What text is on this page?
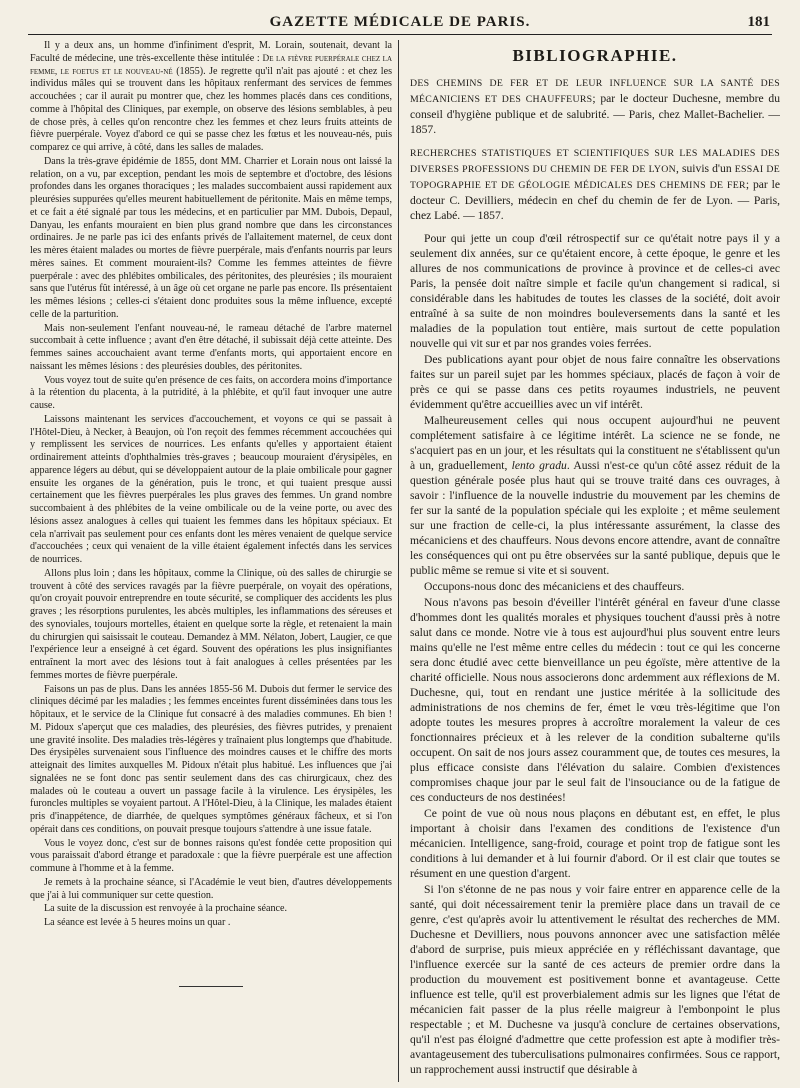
GAZETTE MÉDICALE DE PARIS.	181

Il y a deux ans, un homme d'infiniment d'esprit, M. Lorain, soutenait, devant la Faculté de médecine, une très-excellente thèse intitulée : De la fièvre puerpérale chez la femme, le foetus et le nouveau-né (1855). Je regrette qu'il n'ait pas ajouté : et chez les individus mâles qui se trouvent dans les hôpitaux renfermant des services de femmes accouchées ; car il aurait pu montrer que, chez les hommes placés dans ces conditions, comme à l'hôpital des Cliniques, par exemple, on observe des lésions semblables, à peu de chose près, à celles qu'on rencontre chez les femmes et chez leurs fruits atteints de fièvre puerpérale. Voyez d'abord ce qui se passe chez les fœtus et les nouveau-nés, puis comparez ce qui arrive, à côté, dans les salles de malades.

Dans la très-grave épidémie de 1855, dont MM. Charrier et Lorain nous ont laissé la relation, on a vu, par exception, pendant les mois de septembre et d'octobre, des lésions profondes dans les organes thoraciques ; les malades succombaient aussi rapidement aux pleurésies suppurées qu'elles meurent habituellement de péritonite. Mais en même temps, et ce fait a été signalé par tous les médecins, et en particulier par MM. Dubois, Depaul, Danyau, les enfants mouraient en bien plus grand nombre que dans les circonstances ordinaires. Je ne parle pas ici des enfants privés de l'allaitement maternel, de ceux dont les mères étaient malades ou mortes de fièvre puerpérale, mais d'enfants nourris par leurs mères saines. Et comment mouraient-ils? Comme les femmes atteintes de fièvre puerpérale : avec des phlébites ombilicales, des péritonites, des pleurésies ; ils mouraient sans que l'utérus fût intéressé, à un âge où cet organe ne parle pas encore. Ils présentaient les mêmes lésions ; celles-ci s'étaient donc produites sous la même influence, excepté celle de la parturition.

Mais non-seulement l'enfant nouveau-né, le rameau détaché de l'arbre maternel succombait à cette influence ; avant d'en être détaché, il subissait déjà cette atteinte. Des femmes saines accouchaient avant terme d'enfants morts, qui apportaient encore en naissant les mêmes lésions : des pleurésies doubles, des péritonites.

Vous voyez tout de suite qu'en présence de ces faits, on accordera moins d'importance à la rétention du placenta, à la putridité, à la phlébite, et qu'il faut invoquer une autre cause.

Laissons maintenant les services d'accouchement, et voyons ce qui se passait à l'Hôtel-Dieu, à Necker, à Beaujon, où l'on reçoit des femmes récemment accouchées qui y remplissent les services de nourrices. Les enfants qu'elles y apportaient étaient ordinairement atteints d'ophthalmies très-graves ; beaucoup mouraient d'érysipèles, en apparence légers au début, qui se développaient autour de la plaie ombilicale pour gagner ensuite les organes de la génération, puis le tronc, et qui tuaient presque aussi certainement que les fièvres puerpérales les plus graves des femmes. Un grand nombre succombaient à des phlébites de la veine ombilicale ou de la veine porte, ou avec des lésions assez analogues à celles qui tuaient les femmes dans les hôpitaux spéciaux. Et cela n'arrivait pas seulement pour ces enfants dont les mères venaient de quelque service d'accouchées ; ceux qui venaient de la ville étaient également infectés dans les services de nourrices.

Allons plus loin ; dans les hôpitaux, comme la Clinique, où des salles de chirurgie se trouvent à côté des services ravagés par la fièvre puerpérale, on voyait des opérations, qu'on croyait pouvoir entreprendre en toute sécurité, se compliquer des accidents les plus graves ; les résorptions purulentes, les abcès multiples, les inflammations des séreuses et des synoviales, toujours mortelles, étaient en quelque sorte la règle, et retenaient la main du chirurgien qui saisissait le couteau. Demandez à MM. Nélaton, Jobert, Laugier, ce que l'expérience leur a enseigné à cet égard. Souvent des opérations les plus insignifiantes entraînent la mort avec des lésions tout à fait analogues à celles présentées par les femmes mortes de fièvre puerpérale.

Faisons un pas de plus. Dans les années 1855-56 M. Dubois dut fermer le service des cliniques décimé par les maladies ; les femmes enceintes furent disséminées dans tous les hôpitaux, et le service de la Clinique fut consacré à des maladies communes. Eh bien ! M. Pidoux s'aperçut que ces maladies, des pleurésies, des fièvres putrides, y prenaient une gravité insolite. Des maladies très-légères y traînaient plus longtemps que d'habitude. Des érysipèles survenaient sous l'influence des moindres causes et le chiffre des morts atteignait des limites auxquelles M. Pidoux n'était plus habitué. Les influences que j'ai signalées ne se font donc pas sentir seulement dans des cas chirurgicaux, chez des malades où le couteau a ouvert un passage facile à la virulence. Les érysipèles, les furoncles multiples se voyaient partout. A l'Hôtel-Dieu, à la Clinique, les malades étaient pris d'inappétence, de diarrhée, de quelques symptômes généraux fâcheux, et si l'on opérait dans ces conditions, on pouvait presque toujours s'attendre à une issue fatale.

Vous le voyez donc, c'est sur de bonnes raisons qu'est fondée cette proposition qui vous paraissait d'abord étrange et paradoxale : que la fièvre puerpérale est une affection commune à l'homme et à la femme.

Je remets à la prochaine séance, si l'Académie le veut bien, d'autres développements que j'ai à lui communiquer sur cette question.

La suite de la discussion est renvoyée à la prochaine séance.

La séance est levée à 5 heures moins un quar .

BIBLIOGRAPHIE.

DES CHEMINS DE FER ET DE LEUR INFLUENCE SUR LA SANTÉ DES MÉCANICIENS ET DES CHAUFFEURS; par le docteur Duchesne, membre du conseil d'hygiène publique et de salubrité. — Paris, chez Mallet-Bachelier. — 1857.

RECHERCHES STATISTIQUES ET SCIENTIFIQUES SUR LES MALADIES DES DIVERSES PROFESSIONS DU CHEMIN DE FER DE LYON, suivis d'un ESSAI DE TOPOGRAPHIE ET DE GÉOLOGIE MÉDICALES DES CHEMINS DE FER; par le docteur C. Devilliers, médecin en chef du chemin de fer de Lyon. — Paris, chez Labé. — 1857.

Pour qui jette un coup d'œil rétrospectif sur ce qu'était notre pays il y a seulement dix années, sur ce qu'étaient encore, à cette époque, le genre et les allures de nos communications de province à province et de celles-ci avec Paris, la pensée doit naître simple et facile qu'un changement si radical, si considérable dans les habitudes de toutes les classes de la société, doit avoir entraîné à sa suite de non moindres bouleversements dans la santé et les maladies de la population tout entière, mais surtout de cette population nouvelle qui vit sur et par nos grandes voies ferrées.

Des publications ayant pour objet de nous faire connaître les observations faites sur un pareil sujet par les hommes spéciaux, placés de façon à voir de près ce qui se passe dans ces petits royaumes industriels, ne peuvent évidemment qu'être accueillies avec un vif intérêt.

Malheureusement celles qui nous occupent aujourd'hui ne peuvent complétement satisfaire à ce légitime intérêt. La science ne se fonde, ne s'acquiert pas en un jour, et les résultats qui la constituent ne s'établissent qu'un à un, graduellement, lento gradu. Aussi n'est-ce qu'un côté assez réduit de la question générale posée plus haut qui se trouve traité dans ces ouvrages, à savoir : l'influence de la nouvelle industrie du mouvement par les chemins de fer sur la santé de la population spéciale qui les exploite ; et même seulement sur une fraction de celle-ci, la plus intéressante assurément, la classe des mécaniciens et des chauffeurs. Nous devons encore attendre, avant de connaître les conséquences qui ont pu être observées sur la santé publique, depuis que le public même se remue si vite et si souvent.

Occupons-nous donc des mécaniciens et des chauffeurs.

Nous n'avons pas besoin d'éveiller l'intérêt général en faveur d'une classe d'hommes dont les qualités morales et physiques touchent d'aussi près à notre salut dans ce monde. Notre vie à tous est aujourd'hui plus souvent entre leurs mains qu'elle ne l'est même entre celles du médecin : tout ce qui les concerne sera donc étudié avec cette bienveillance un peu égoïste, mère attentive de la charité officielle. Nous nous associerons donc ardemment aux réflexions de M. Duchesne, qui, tout en rendant une justice méritée à la sollicitude des administrations de nos chemins de fer, émet le vœu très-légitime que l'on adopte toutes les mesures propres à accroître moralement la valeur de ces fonctionnaires précieux et à les relever de la condition subalterne qu'ils occupent. On sait de nos jours assez couramment que, de toutes ces mesures, la plus efficace consiste dans l'élévation du salaire. Combien d'existences compromises chaque jour par le seul fait de l'insouciance ou de la fatigue de ces conducteurs de nos destinées!

Ce point de vue où nous nous plaçons en débutant est, en effet, le plus important à choisir dans l'examen des conditions de l'existence d'un mécanicien. Intelligence, sang-froid, courage et point trop de fatigue sont les conditions à lui demander et à lui fournir d'abord. Or il est clair que toutes se résument en une question d'argent.

Si l'on s'étonne de ne pas nous y voir faire entrer en apparence celle de la santé, qui doit nécessairement tenir la première place dans un travail de ce genre, c'est qu'après avoir lu attentivement le résultat des recherches de MM. Duchesne et Devilliers, nous pouvons annoncer avec une satisfaction mêlée d'abord de surprise, puis mieux appréciée en y réfléchissant davantage, que l'influence exercée sur la santé de ces acteurs de premier ordre dans la production du mouvement est positivement bonne et avantageuse. Cette influence est telle, qu'il est proverbialement admis sur les lignes que l'état de mécanicien fait passer de la plus réelle maigreur à l'embonpoint le plus respectable ; et M. Duchesne va jusqu'à conclure de certaines observations, qu'il n'est pas éloigné d'admettre que cette profession est apte à modifier très-avantageusement des tuberculisations pulmonaires confirmées. Sous ce rapport, un rapprochement aussi instructif que désirable à
